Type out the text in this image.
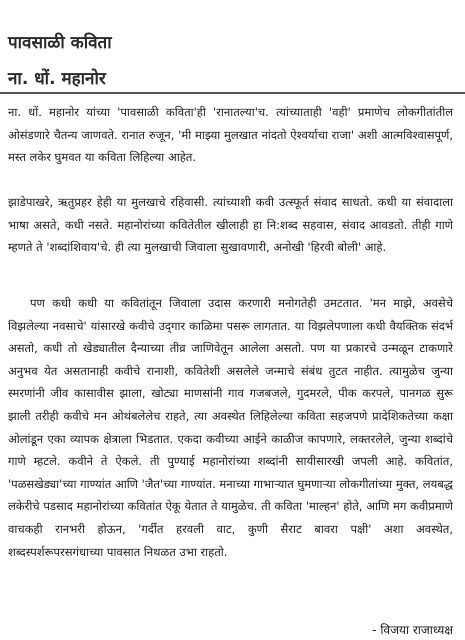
पावसाळी कविता
ना. धों. महानोर

ना. धों. महानोर यांच्या 'पावसाळी कविता'ही 'रानातल्या'च. त्यांच्याताही 'वही' प्रमाणेच लोकगीतांतील ओसंडणारे चैतन्य जाणवते. रानात रुजून, 'मी माझ्या मुलखात नांदतो ऐश्वर्याचा राजा' अशी आत्मविश्वासपूर्ण, मस्त लकेर घुमवत या कविता लिहिल्या आहेत.

झाडेपाखरे, ऋतुप्रहर हेही या मुलखाचे रहिवासी. त्यांच्याशी कवी उत्स्फूर्त संवाद साधतो. कधी या संवादाला भाषा असते, कधी नसते. महानोरांच्या कवितेतील खीलाही हा नि:शब्द सहवास, संवाद आवडतो. तीही गाणे म्हणते ते 'शब्दांशिवाय'चे. ही त्या मुलखाची जिवाला सुखावणारी, अनोखी 'हिरवी बोली' आहे.

पण कधी कधी या कवितांतून जिवाला उदास करणारी मनोगतेही उमटतात. 'मन माझे, अवसेचे विझलेल्या नवसाचे' यांसारखे कवीचे उद्‌गार काळिमा पसरू लागतात. या विझलेपणाला कधी वैयक्तिक संदर्भ असतो, कधी तो खेड्यातील दैन्याच्या तीव्र जाणिवेतून आलेला असतो. पण या प्रकारचे उन्मळून टाकणारे अनुभव येत असतानाही कवीचे रानाशी, कवितेशी असलेले जन्माचे संबंध तुटत नाहीत. त्यामुळेच जुन्या स्मरणांनी जीव कासावीस झाला, खोट्या माणसांनी गाव गजबजले, गुदमरले, पीक करपले, पानगळ सुरू झाली तरीही कवीचे मन ओथंबलेलेच राहते, त्या अवस्थेत लिहिलेल्या कविता सहजपणे प्रादेशिकतेच्या कक्षा ओलांडून एका व्यापक क्षेत्राला भिडतात. एकदा कवीच्या आईने काळीज कापणारे, लक्तरलेले, जुन्या शब्दांचे गाणे म्हटले. कवीने ते ऐकले. ती पुण्याई महानोरांच्या शब्दांनी सायीसारखी जपली आहे. कवितांत, 'पळसखेड्या'च्या गाण्यांत आणि 'जैत'च्या गाण्यांत. मनाच्या गाभाऱ्यात घुमणाऱ्या लोकगीतांच्या मुक्त, लयबद्ध लकेरीचे पडसाद महानोरांच्या कवितांत ऐकू येतात ते यामुळेच. ती कविता 'माल्हन' होते, आणि मग कवीप्रमाणे वाचकही रानभरी होऊन, 'गर्दीत हरवली वाट, कुणी सैराट बावरा पक्षी' अशा अवस्थेत, शब्दस्पर्शरूपरसगंधाच्या पावसात निथळत उभा राहतो.

- विजया राजाध्यक्ष
